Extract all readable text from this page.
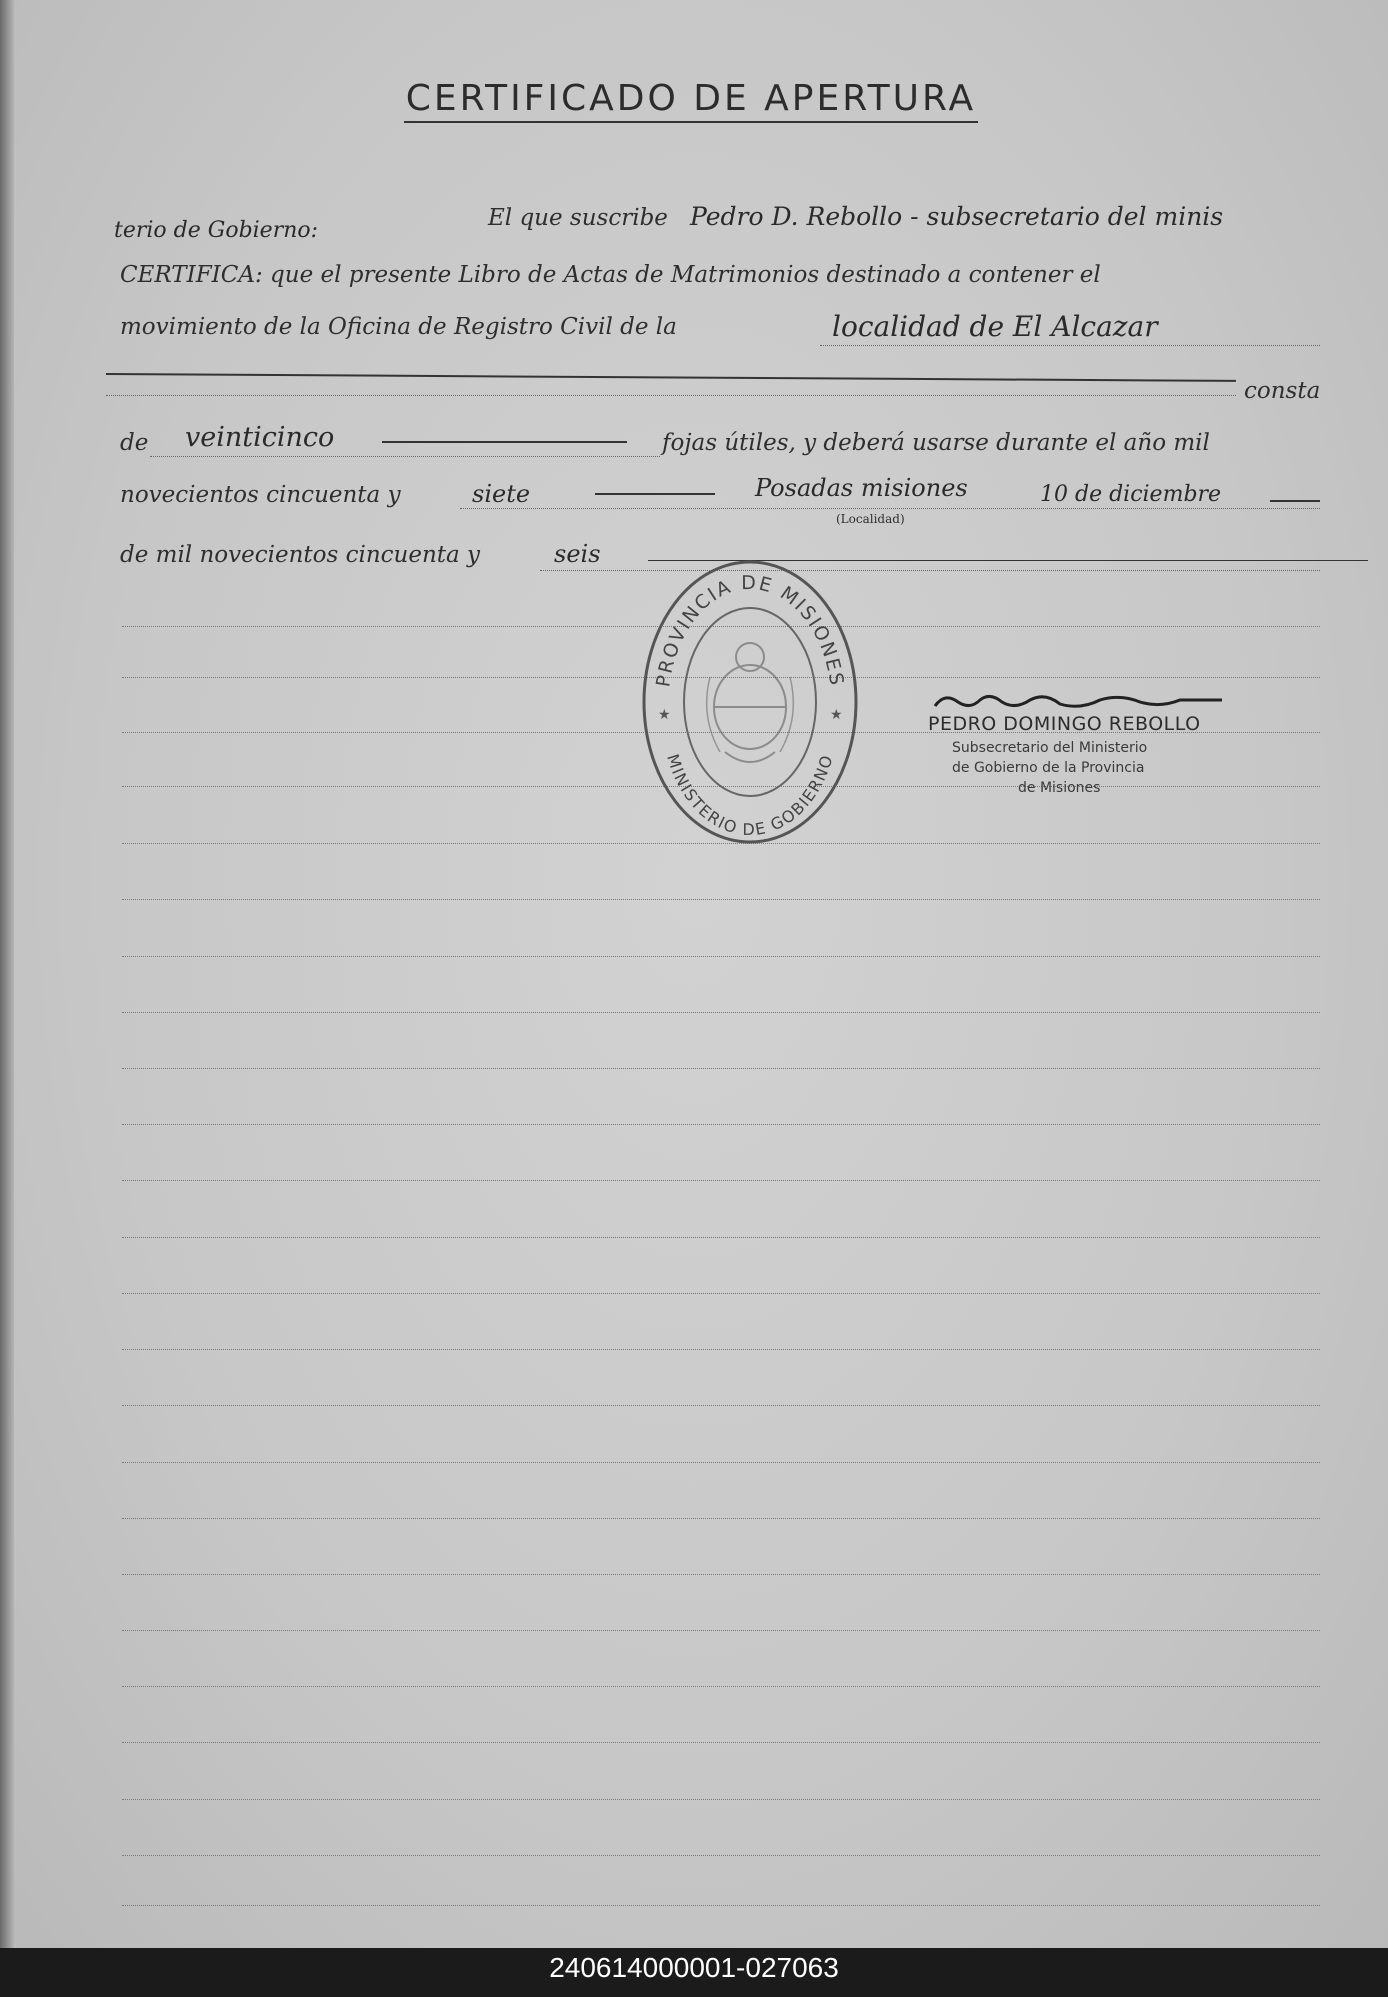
CERTIFICADO DE APERTURA
El que suscribe Pedro D. Rebollo - subsecretario del minis
terio de Gobierno:
CERTIFICA: que el presente Libro de Actas de Matrimonios destinado a contener el
movimiento de la Oficina de Registro Civil de la	localidad de El Alcazar
consta
de veinticinco	fojas útiles, y deberá usarse durante el año mil
novecientos cincuenta y	siete	Posadas misiones	10 de diciembre
(Localidad)
de mil novecientos cincuenta y	seis
PROVINCIA DE MISIONES
MINISTERIO DE GOBIERNO
★	★	PEDRO DOMINGO REBOLLO
Subsecretario del Ministerio
de Gobierno de la Provincia
de Misiones
240614000001-027063
